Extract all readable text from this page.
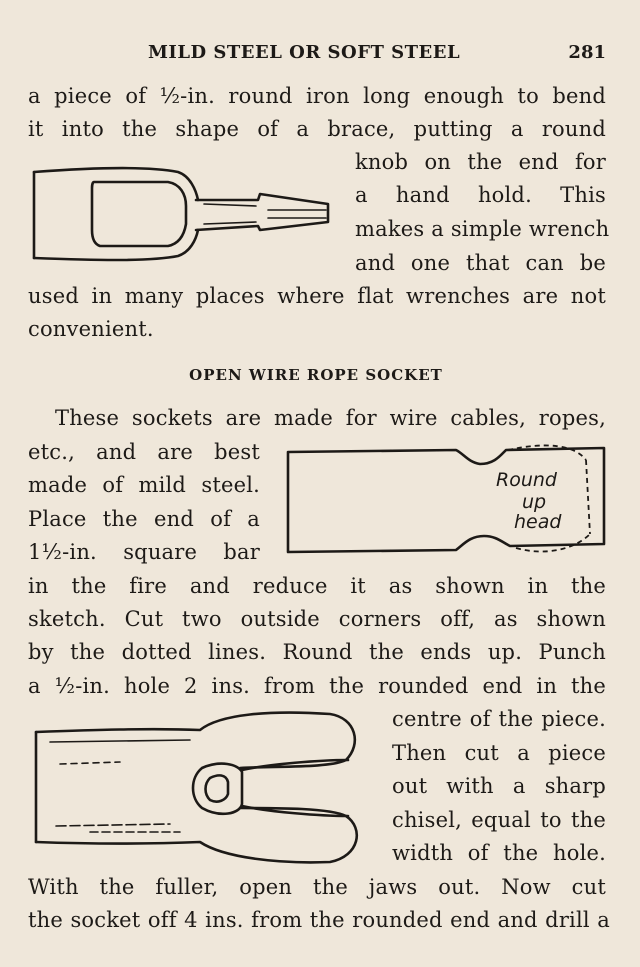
MILD STEEL OR SOFT STEEL	281
a piece of ½-in. round iron long enough to bend
it into the shape of a brace, putting a round
knob on the end for
a hand hold. This
makes a simple wrench
and one that can be
used in many places where flat wrenches are not
convenient.
OPEN WIRE ROPE SOCKET
These sockets are made for wire cables, ropes,
etc., and are best
made of mild steel.
Place the end of a
1½-in. square bar
in the fire and reduce it as shown in the
sketch. Cut two outside corners off, as shown
by the dotted lines. Round the ends up. Punch
a ½-in. hole 2 ins. from the rounded end in the
centre of the piece.
Then cut a piece
out with a sharp
chisel, equal to the
width of the hole.
With the fuller, open the jaws out. Now cut
the socket off 4 ins. from the rounded end and drill a
Round
up
head
